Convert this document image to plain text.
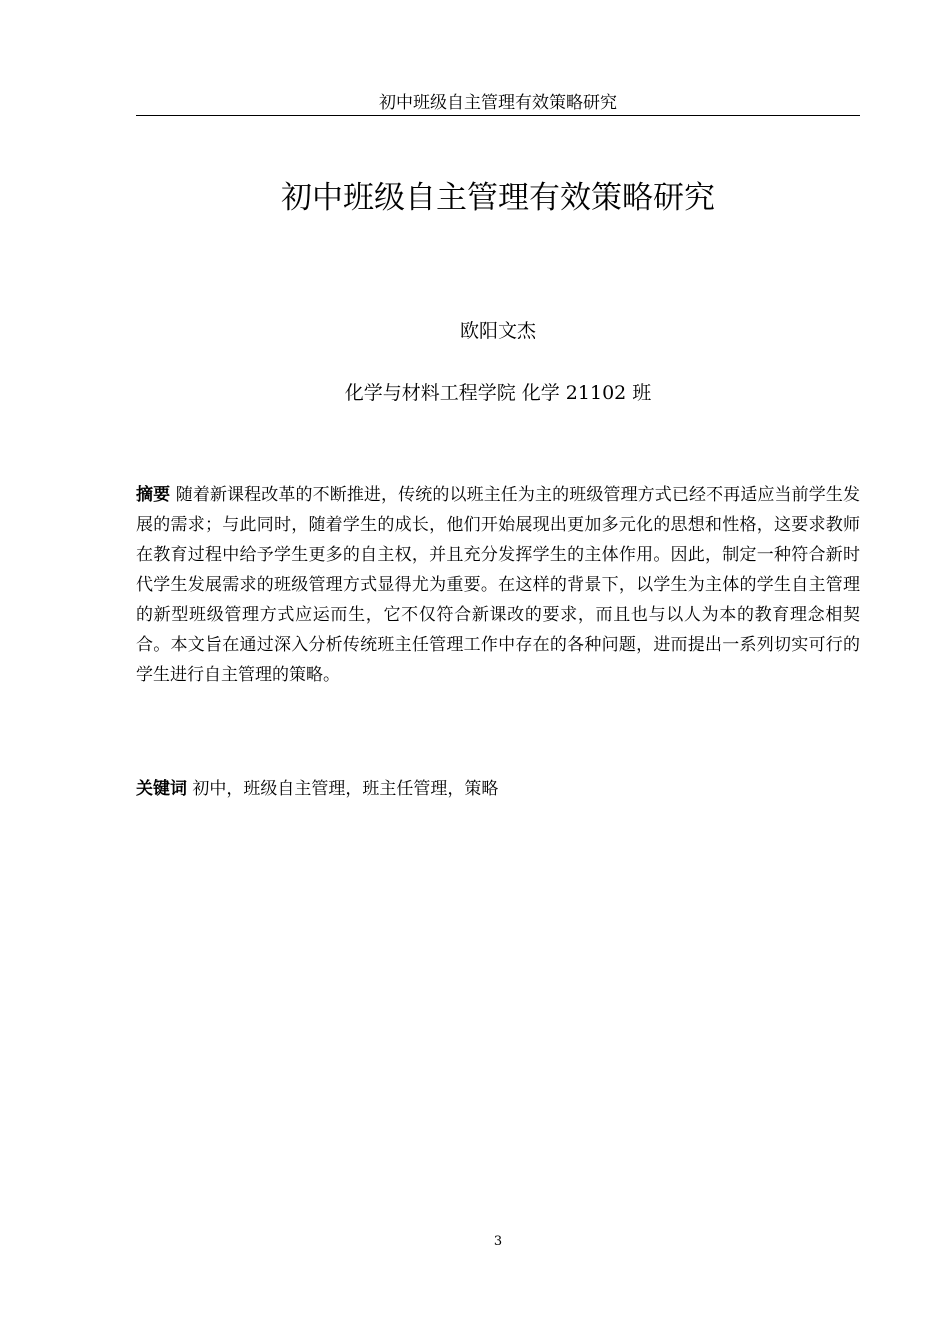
初中班级自主管理有效策略研究
初中班级自主管理有效策略研究
欧阳文杰
化学与材料工程学院 化学 21102 班

摘要 随着新课程改革的不断推进，传统的以班主任为主的班级管理方式已经不再适应当前学生发展的需求；与此同时，随着学生的成长，他们开始展现出更加多元化的思想和性格，这要求教师在教育过程中给予学生更多的自主权，并且充分发挥学生的主体作用。因此，制定一种符合新时代学生发展需求的班级管理方式显得尤为重要。在这样的背景下，以学生为主体的学生自主管理的新型班级管理方式应运而生，它不仅符合新课改的要求，而且也与以人为本的教育理念相契合。本文旨在通过深入分析传统班主任管理工作中存在的各种问题，进而提出一系列切实可行的学生进行自主管理的策略。

关键词 初中，班级自主管理，班主任管理，策略

3
